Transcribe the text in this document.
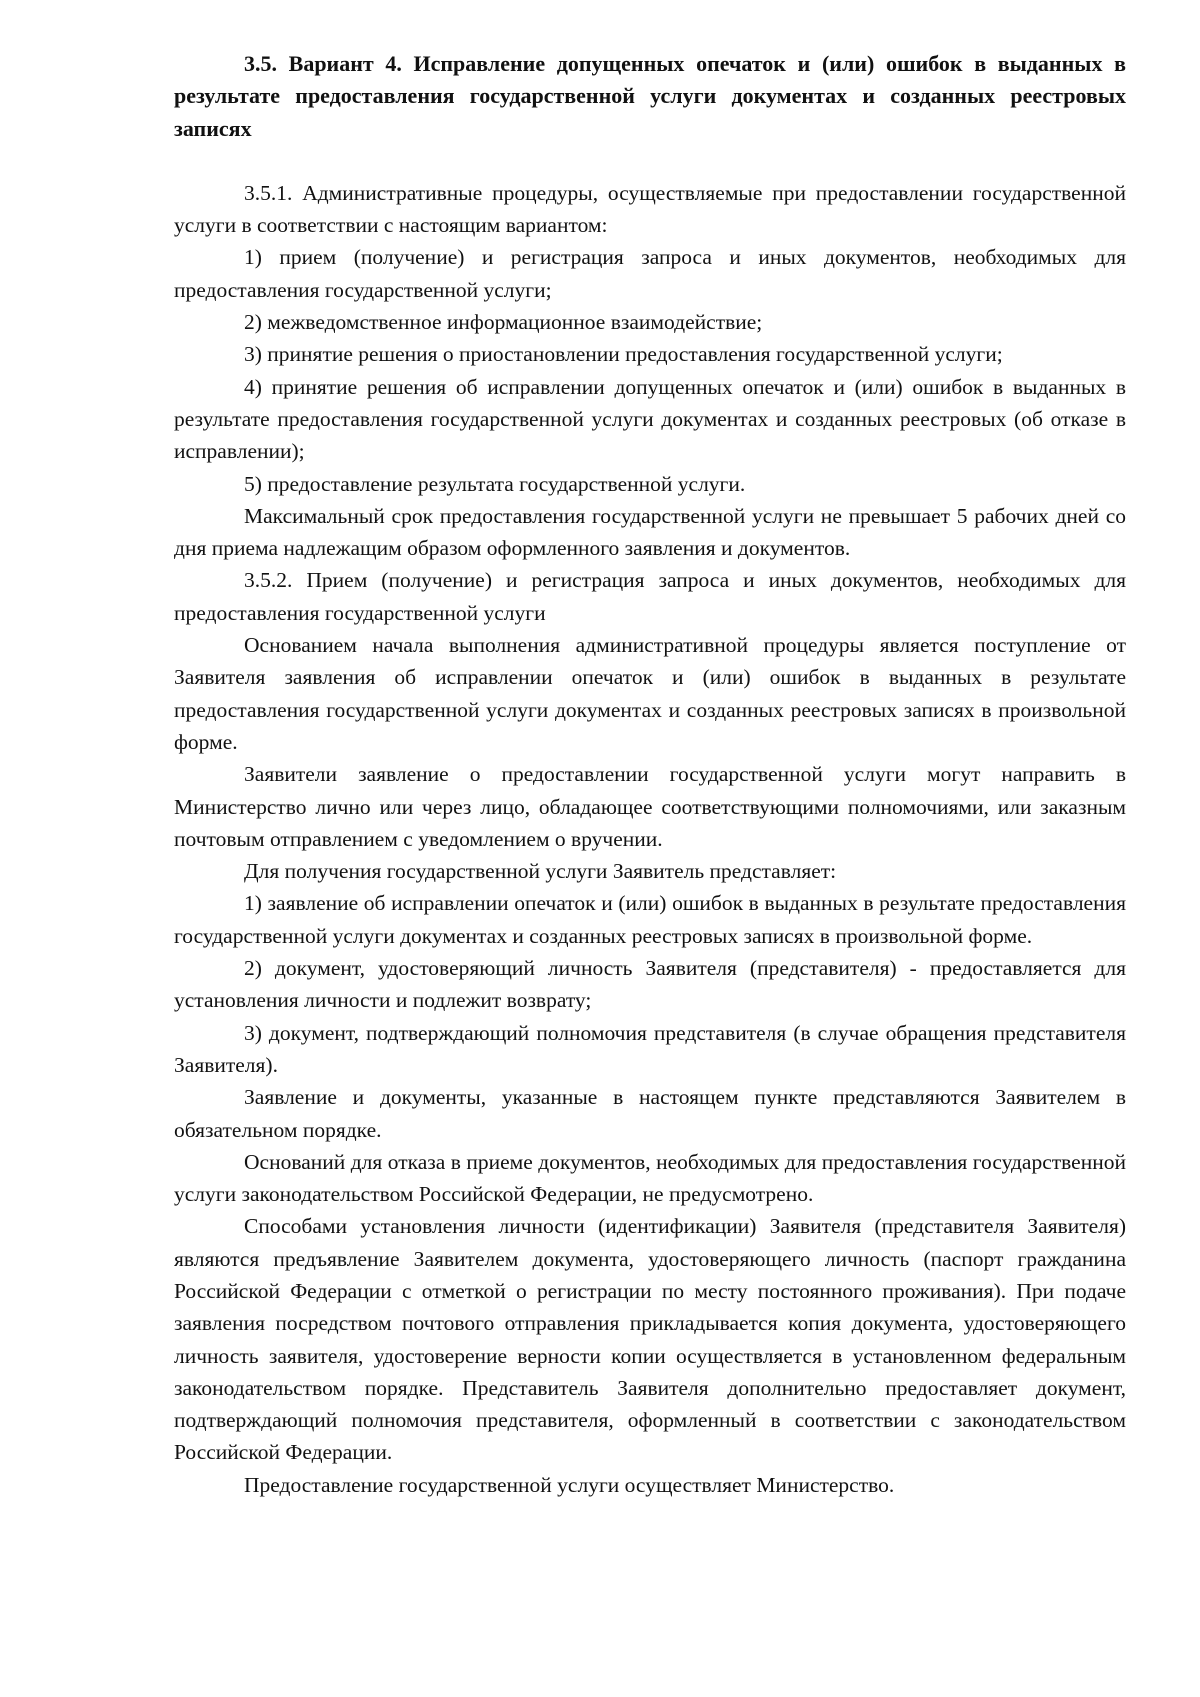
3.5. Вариант 4. Исправление допущенных опечаток и (или) ошибок в выданных в результате предоставления государственной услуги документах и созданных реестровых записях

3.5.1. Административные процедуры, осуществляемые при предоставлении государственной услуги в соответствии с настоящим вариантом:

1) прием (получение) и регистрация запроса и иных документов, необходимых для предоставления государственной услуги;

2) межведомственное информационное взаимодействие;

3) принятие решения о приостановлении предоставления государственной услуги;

4) принятие решения об исправлении допущенных опечаток и (или) ошибок в выданных в результате предоставления государственной услуги документах и созданных реестровых (об отказе в исправлении);

5) предоставление результата государственной услуги.

Максимальный срок предоставления государственной услуги не превышает 5 рабочих дней со дня приема надлежащим образом оформленного заявления и документов.

3.5.2. Прием (получение) и регистрация запроса и иных документов, необходимых для предоставления государственной услуги

Основанием начала выполнения административной процедуры является поступление от Заявителя заявления об исправлении опечаток и (или) ошибок в выданных в результате предоставления государственной услуги документах и созданных реестровых записях в произвольной форме.

Заявители заявление о предоставлении государственной услуги могут направить в Министерство лично или через лицо, обладающее соответствующими полномочиями, или заказным почтовым отправлением с уведомлением о вручении.

Для получения государственной услуги Заявитель представляет:

1) заявление об исправлении опечаток и (или) ошибок в выданных в результате предоставления государственной услуги документах и созданных реестровых записях в произвольной форме.

2) документ, удостоверяющий личность Заявителя (представителя) - предоставляется для установления личности и подлежит возврату;

3) документ, подтверждающий полномочия представителя (в случае обращения представителя Заявителя).

Заявление и документы, указанные в настоящем пункте представляются Заявителем в обязательном порядке.

Оснований для отказа в приеме документов, необходимых для предоставления государственной услуги законодательством Российской Федерации, не предусмотрено.

Способами установления личности (идентификации) Заявителя (представителя Заявителя) являются предъявление Заявителем документа, удостоверяющего личность (паспорт гражданина Российской Федерации с отметкой о регистрации по месту постоянного проживания). При подаче заявления посредством почтового отправления прикладывается копия документа, удостоверяющего личность заявителя, удостоверение верности копии осуществляется в установленном федеральным законодательством порядке. Представитель Заявителя дополнительно предоставляет документ, подтверждающий полномочия представителя, оформленный в соответствии с законодательством Российской Федерации.

Предоставление государственной услуги осуществляет Министерство.
